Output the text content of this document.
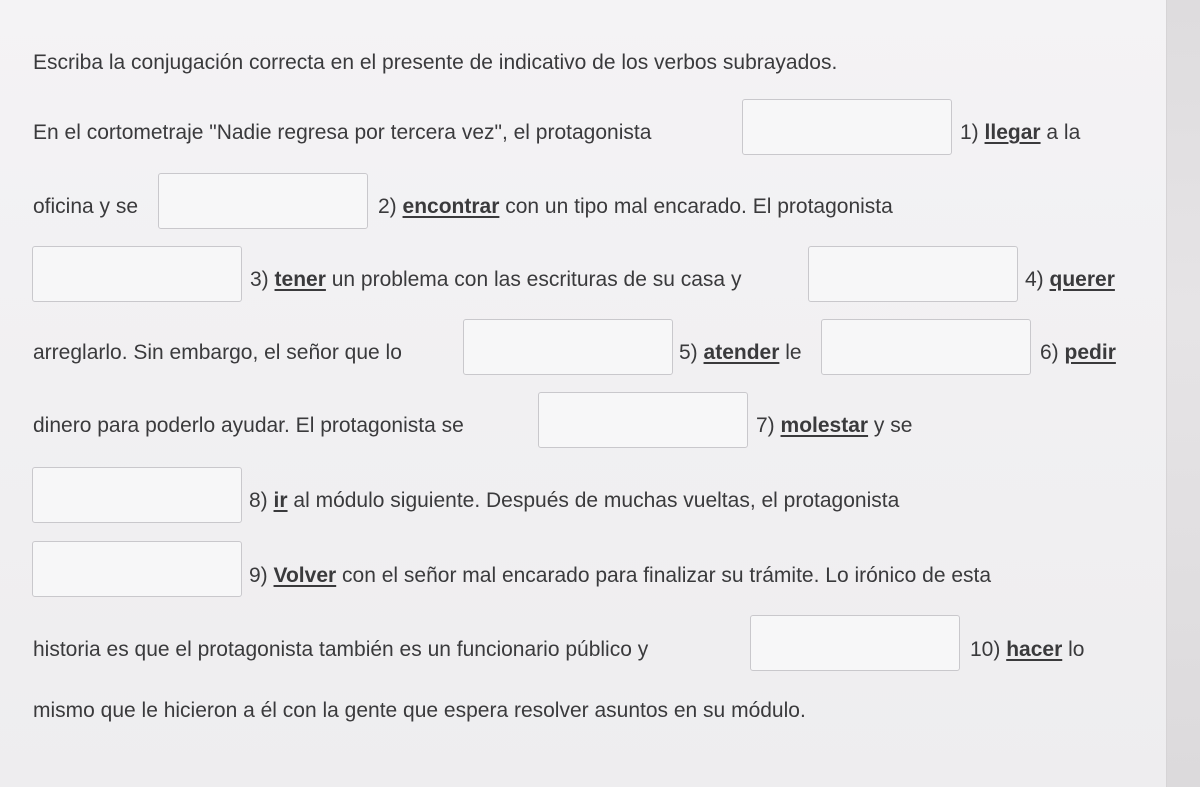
Escriba la conjugación correcta en el presente de indicativo de los verbos subrayados.
En el cortometraje "Nadie regresa por tercera vez", el protagonista	1) llegar a la
oficina y se	2) encontrar con un tipo mal encarado. El protagonista
3) tener un problema con las escrituras de su casa y	4) querer
arreglarlo. Sin embargo, el señor que lo	5) atender le	6) pedir
dinero para poderlo ayudar. El protagonista se	7) molestar y se
8) ir al módulo siguiente. Después de muchas vueltas, el protagonista
9) Volver con el señor mal encarado para finalizar su trámite. Lo irónico de esta
historia es que el protagonista también es un funcionario público y	10) hacer lo
mismo que le hicieron a él con la gente que espera resolver asuntos en su módulo.
